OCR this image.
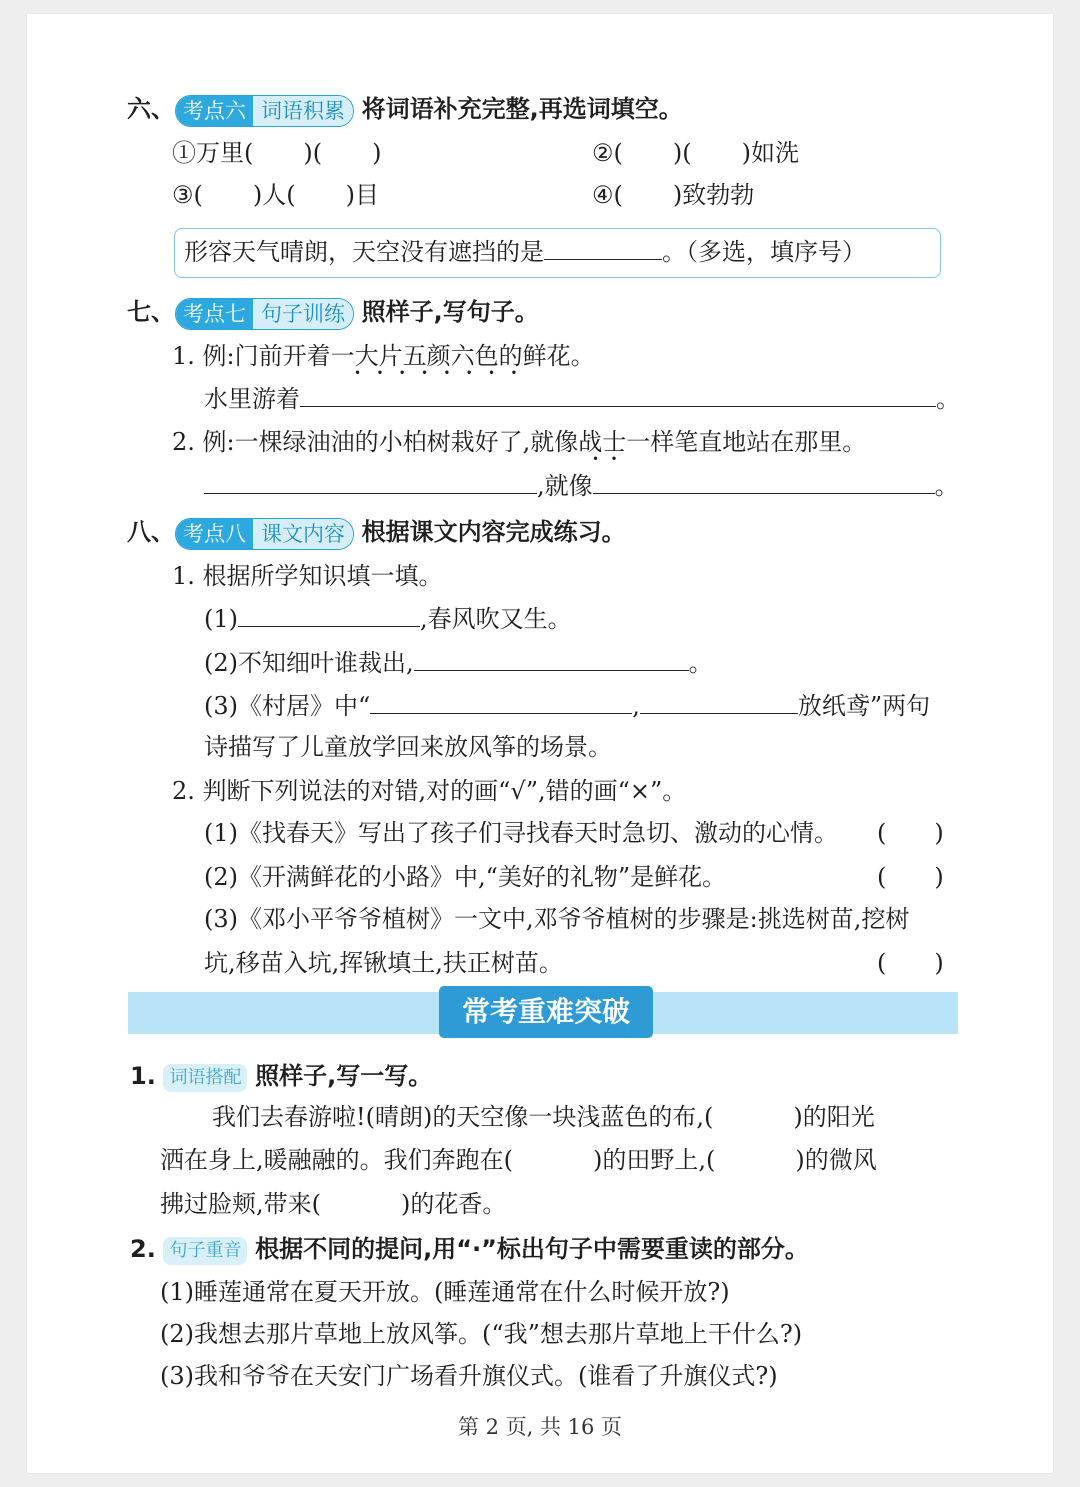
六、 考点六 词语积累 将词语补充完整,再选词填空。
①万里( )( )	②( )( )如洗
③( )人( )目	④( )致勃勃
形容天气晴朗，天空没有遮挡的是	。（多选，填序号）
七、 考点七 句子训练 照样子,写句子。
1. 例:门前开着一大片五颜六色的鲜花。
•    •    •    •    •    •    •    •
水里游着	。
2. 例:一棵绿油油的小柏树栽好了,就像战士一样笔直地站在那里。
•   •
,就像	。
八、 考点八 课文内容 根据课文内容完成练习。
1. 根据所学知识填一填。
(1)	,春风吹又生。
(2)不知细叶谁裁出,	。
(3)《村居》中“	,	放纸鸢”两句
诗描写了儿童放学回来放风筝的场景。
2. 判断下列说法的对错,对的画“√”,错的画“×”。
(1)《找春天》写出了孩子们寻找春天时急切、激动的心情。 (　　)
(2)《开满鲜花的小路》中,“美好的礼物”是鲜花。	(　　)
(3)《邓小平爷爷植树》一文中,邓爷爷植树的步骤是:挑选树苗,挖树
坑,移苗入坑,挥锹填土,扶正树苗。	(　　)
常考重难突破
1. 词语搭配 照样子,写一写。
我们去春游啦!(晴朗)的天空像一块浅蓝色的布,(	)的阳光
洒在身上,暖融融的。我们奔跑在(	)的田野上,(	)的微风
拂过脸颊,带来(	)的花香。
2. 句子重音 根据不同的提问,用“·”标出句子中需要重读的部分。
(1)睡莲通常在夏天开放。(睡莲通常在什么时候开放?)
(2)我想去那片草地上放风筝。(“我”想去那片草地上干什么?)
(3)我和爷爷在天安门广场看升旗仪式。(谁看了升旗仪式?)
第 2 页, 共 16 页
